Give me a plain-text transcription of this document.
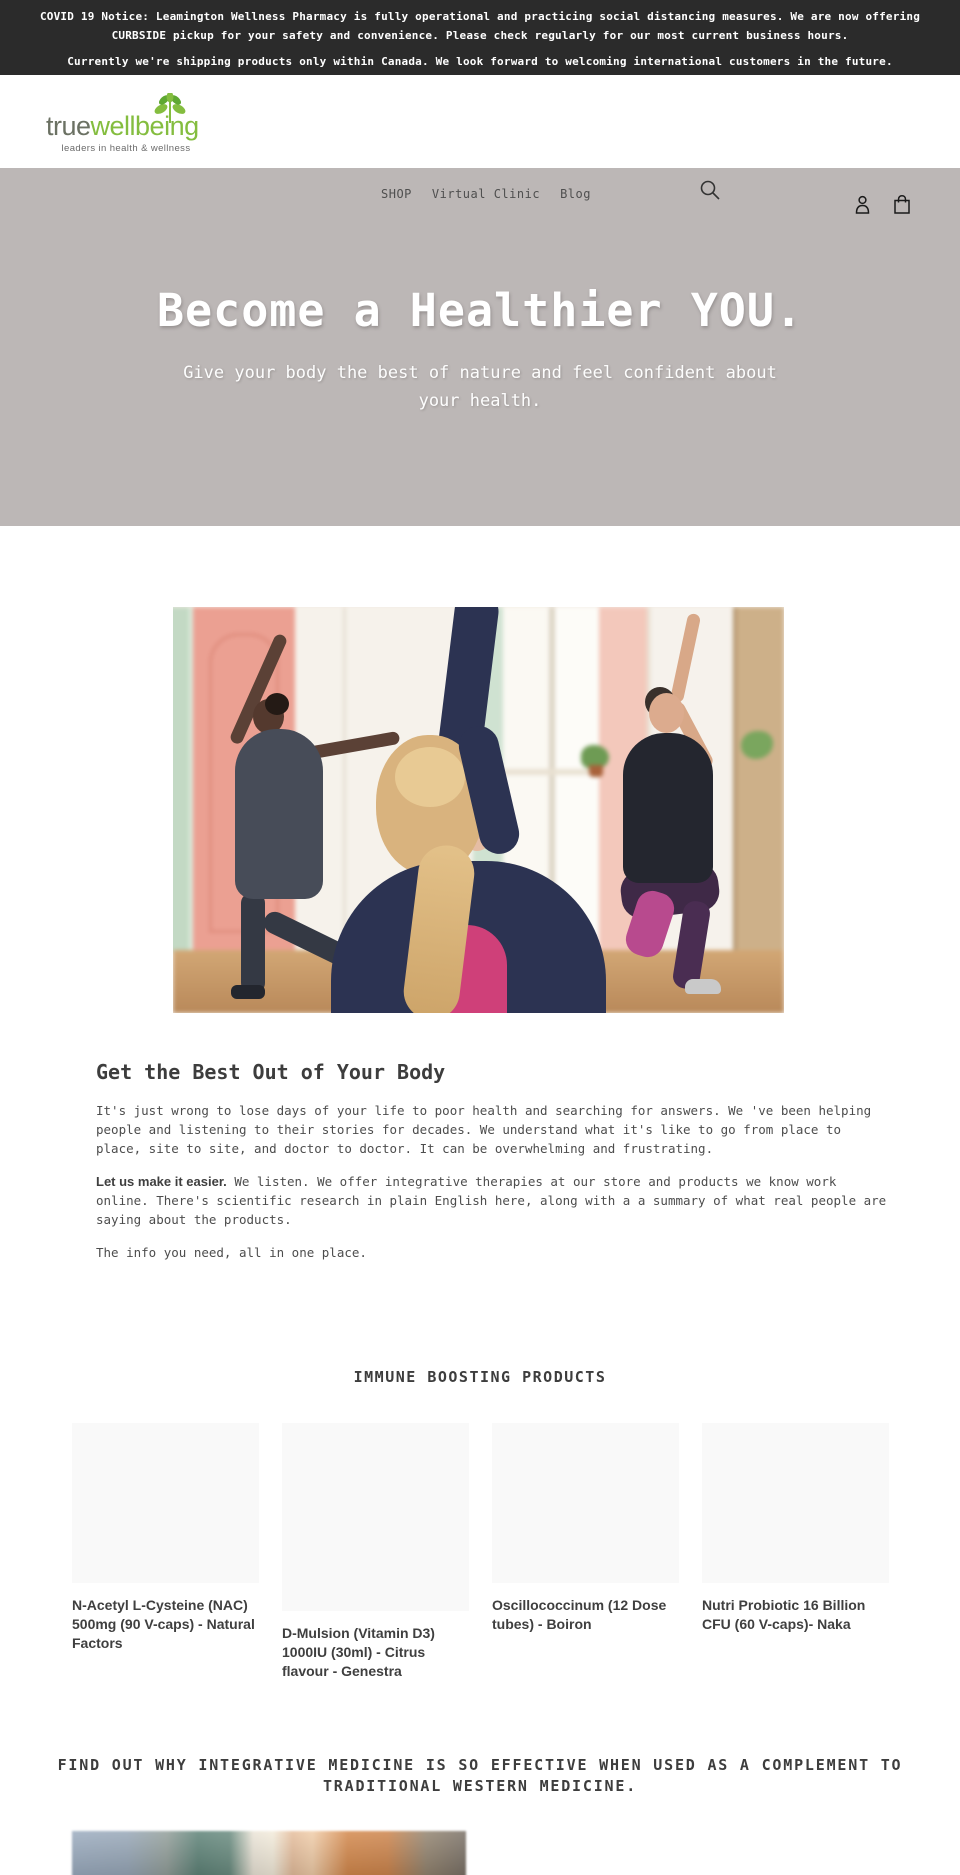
COVID 19 Notice: Leamington Wellness Pharmacy is fully operational and practicing social distancing measures. We are now offering CURBSIDE pickup for your safety and convenience. Please check regularly for our most current business hours.

Currently we're shipping products only within Canada. We look forward to welcoming international customers in the future.

truewellbeing
leaders in health & wellness
SHOP Virtual Clinic Blog
Become a Healthier YOU.
Give your body the best of nature and feel confident about your health.
Get the Best Out of Your Body

It's just wrong to lose days of your life to poor health and searching for answers. We 've been helping people and listening to their stories for decades. We understand what it's like to go from place to place, site to site, and doctor to doctor. It can be overwhelming and frustrating.

Let us make it easier. We listen. We offer integrative therapies at our store and products we know work online. There's scientific research in plain English here, along with a a summary of what real people are saying about the products.

The info you need, all in one place.

IMMUNE BOOSTING PRODUCTS
N-Acetyl L-Cysteine (NAC) 500mg (90 V-caps) - Natural Factors
D-Mulsion (Vitamin D3) 1000IU (30ml) - Citrus flavour - Genestra
Oscillococcinum (12 Dose tubes) - Boiron
Nutri Probiotic 16 Billion CFU (60 V-caps)- Naka
FIND OUT WHY INTEGRATIVE MEDICINE IS SO EFFECTIVE WHEN USED AS A COMPLEMENT TO TRADITIONAL WESTERN MEDICINE.
